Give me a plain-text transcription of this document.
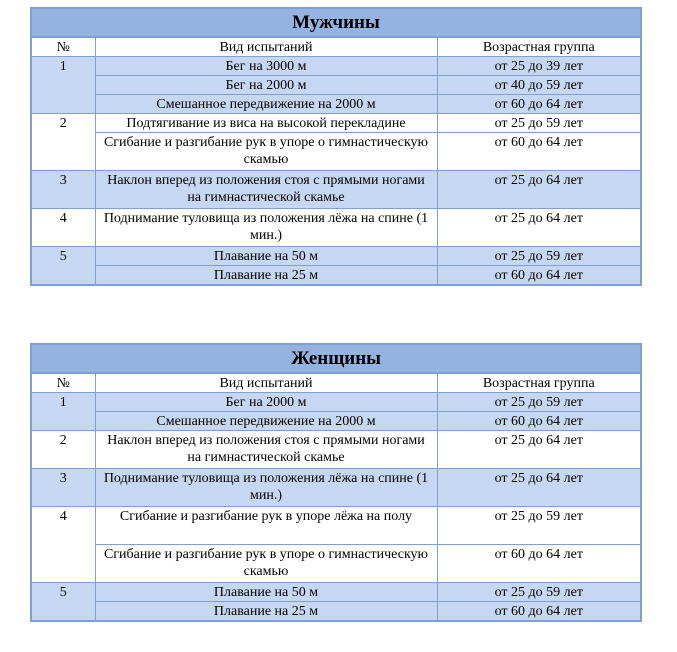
Мужчины		
№	Вид испытаний	Возрастная группа
1	Бег на 3000 м	от 25 до 39 лет
	Бег на 2000 м	от 40 до 59 лет
	Смешанное передвижение на 2000 м	от 60 до 64 лет
2	Подтягивание из виса на высокой перекладине	от 25 до 59 лет
	Сгибание и разгибание рук в упоре о гимнастическую скамью	от 60 до 64 лет
3	Наклон вперед из положения стоя с прямыми ногами на гимнастической скамье	от 25 до 64 лет
4	Поднимание туловища из положения лёжа на спине (1 мин.)	от 25 до 64 лет
5	Плавание на 50 м	от 25 до 59 лет
	Плавание на 25 м	от 60 до 64 лет
Женщины		
№	Вид испытаний	Возрастная группа
1	Бег на 2000 м	от 25 до 59 лет
	Смешанное передвижение на 2000 м	от 60 до 64 лет
2	Наклон вперед из положения стоя с прямыми ногами на гимнастической скамье	от 25 до 64 лет
3	Поднимание туловища из положения лёжа на спине (1 мин.)	от 25 до 64 лет
4	Сгибание и разгибание рук в упоре лёжа на полу	от 25 до 59 лет
	Сгибание и разгибание рук в упоре о гимнастическую скамью	от 60 до 64 лет
5	Плавание на 50 м	от 25 до 59 лет
	Плавание на 25 м	от 60 до 64 лет
